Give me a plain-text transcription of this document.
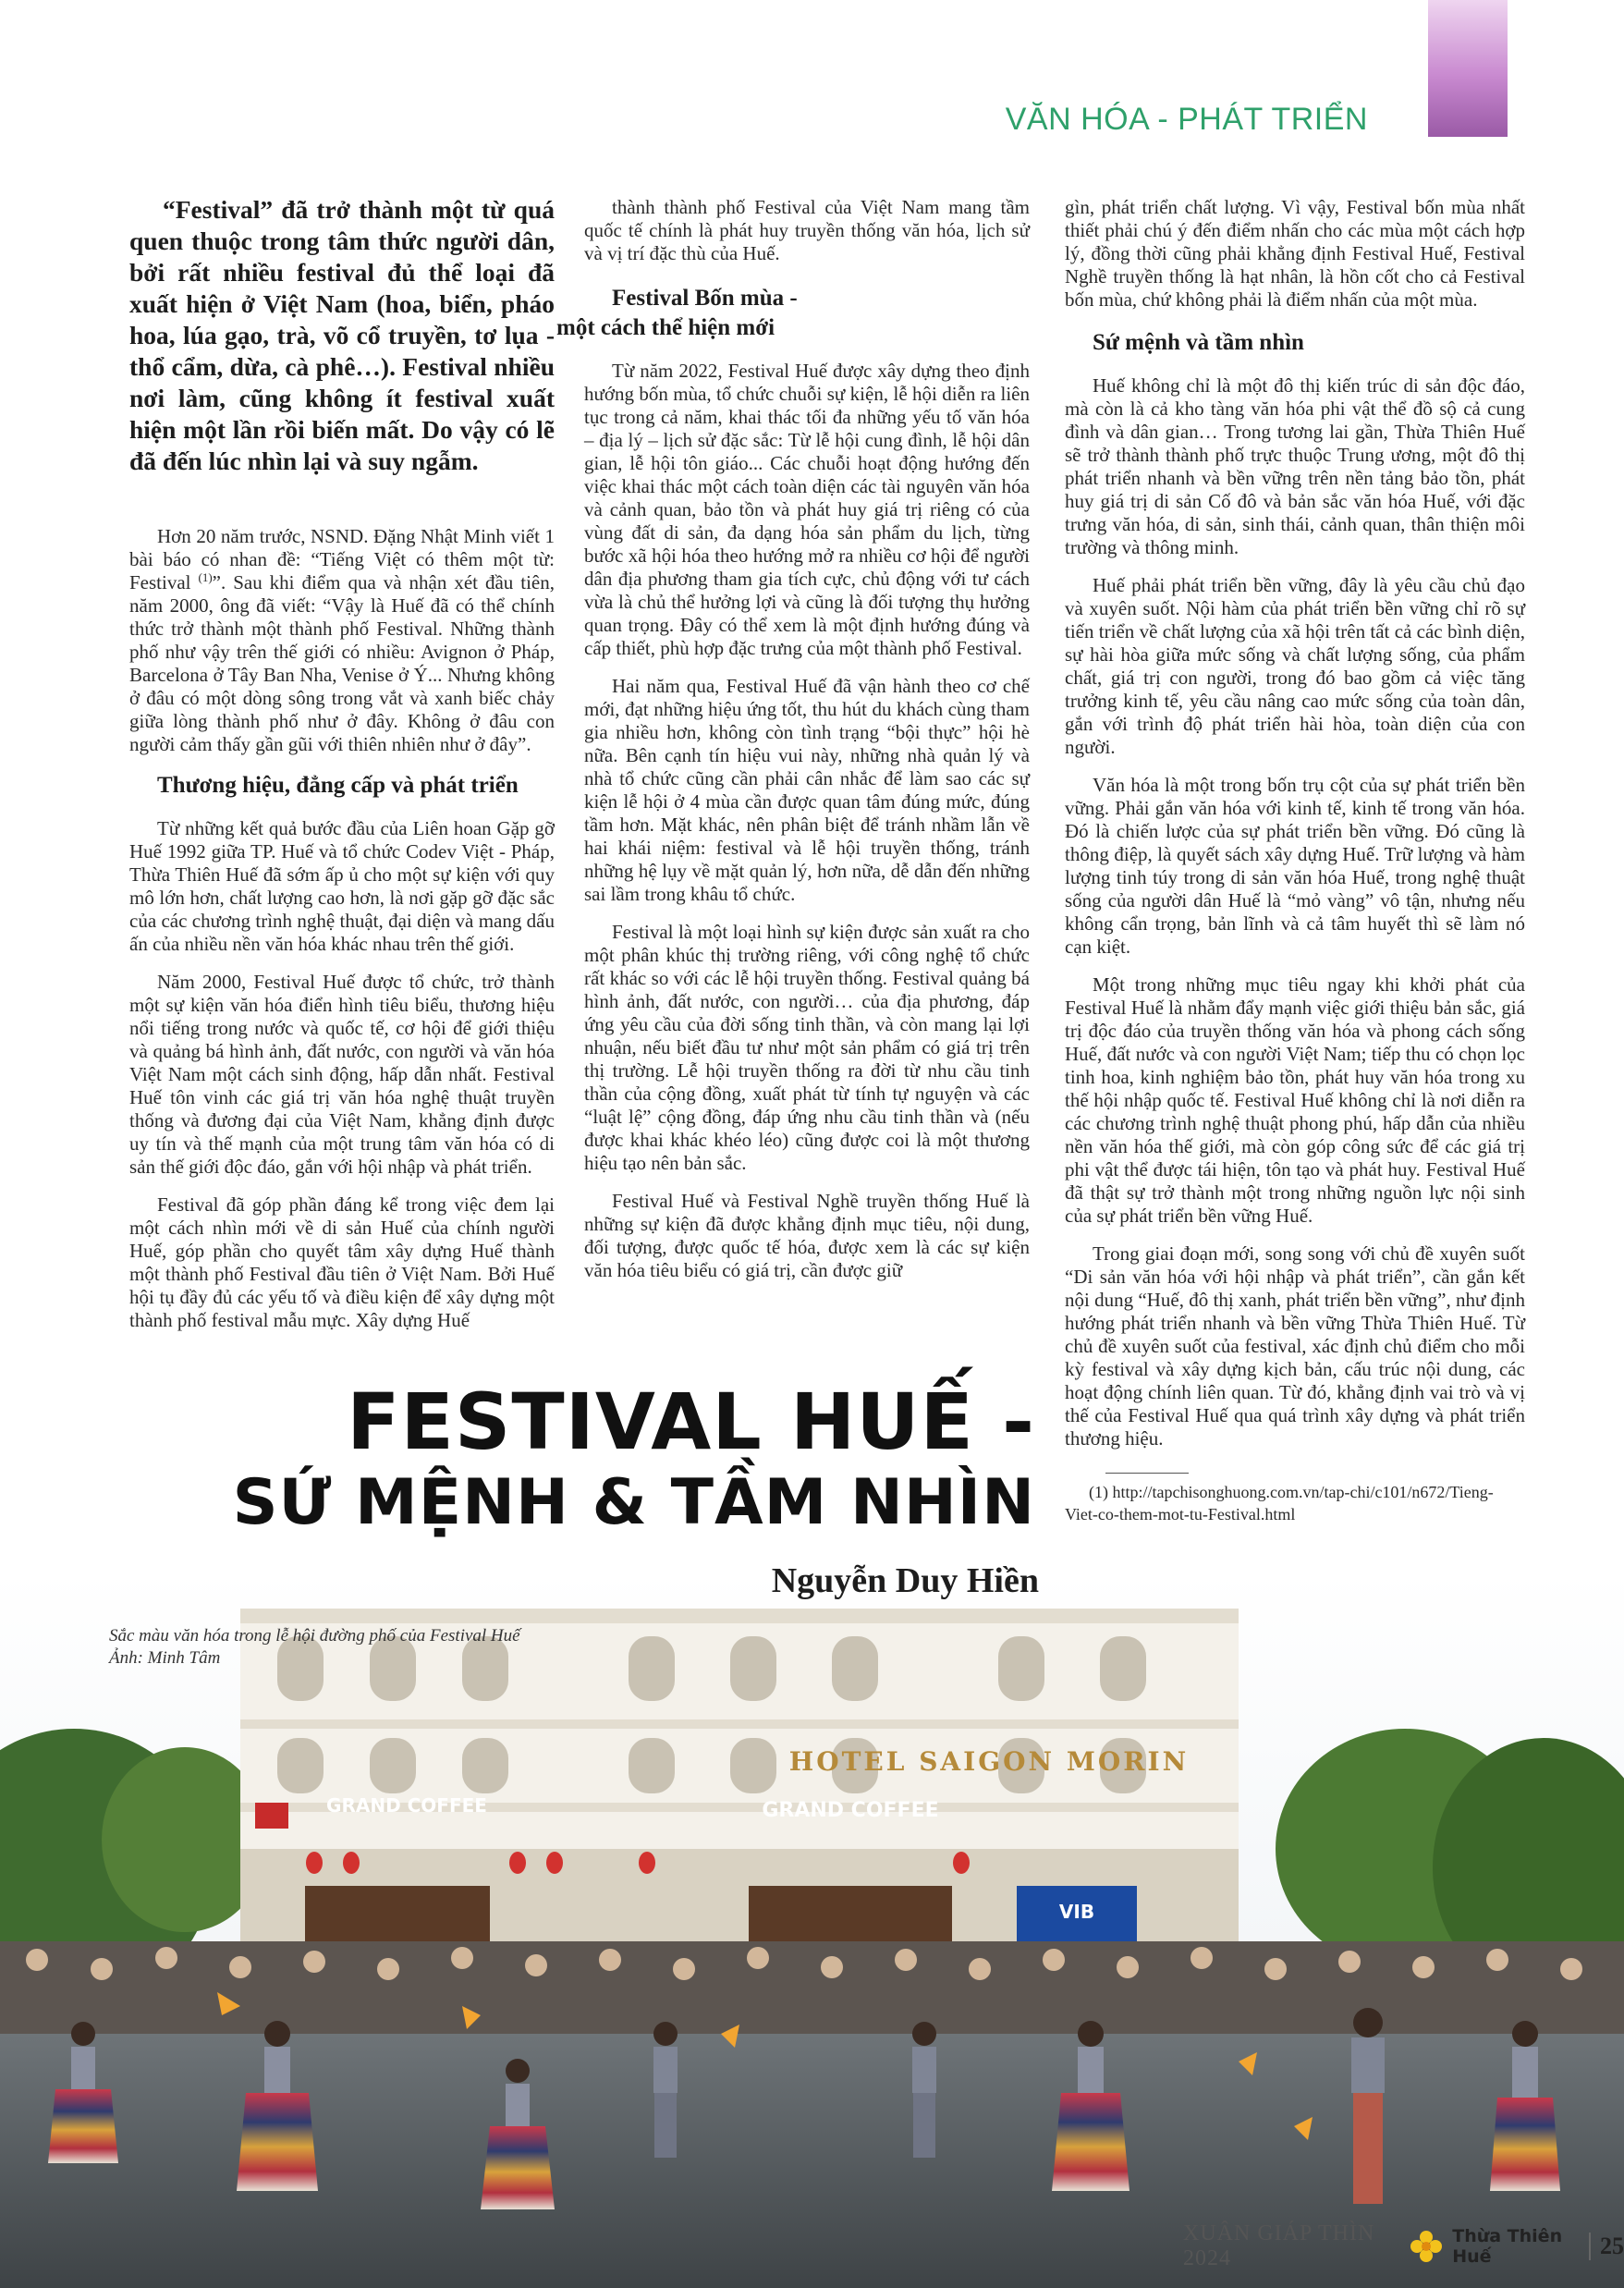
VĂN HÓA - PHÁT TRIỂN

“Festival” đã trở thành một từ quá quen thuộc trong tâm thức người dân, bởi rất nhiều festival đủ thể loại đã xuất hiện ở Việt Nam (hoa, biển, pháo hoa, lúa gạo, trà, võ cổ truyền, tơ lụa - thổ cẩm, dừa, cà phê…). Festival nhiều nơi làm, cũng không ít festival xuất hiện một lần rồi biến mất. Do vậy có lẽ đã đến lúc nhìn lại và suy ngẫm.

Hơn 20 năm trước, NSND. Đặng Nhật Minh viết 1 bài báo có nhan đề: “Tiếng Việt có thêm một từ: Festival $^{(1)}$”. Sau khi điểm qua và nhận xét đầu tiên, năm 2000, ông đã viết: “Vậy là Huế đã có thể chính thức trở thành một thành phố Festival. Những thành phố như vậy trên thế giới có nhiều: Avignon ở Pháp, Barcelona ở Tây Ban Nha, Venise ở Ý... Nhưng không ở đâu có một dòng sông trong vắt và xanh biếc chảy giữa lòng thành phố như ở đây. Không ở đâu con người cảm thấy gần gũi với thiên nhiên như ở đây”.

Thương hiệu, đẳng cấp và phát triển

Từ những kết quả bước đầu của Liên hoan Gặp gỡ Huế 1992 giữa TP. Huế và tổ chức Codev Việt - Pháp, Thừa Thiên Huế đã sớm ấp ủ cho một sự kiện với quy mô lớn hơn, chất lượng cao hơn, là nơi gặp gỡ đặc sắc của các chương trình nghệ thuật, đại diện và mang dấu ấn của nhiều nền văn hóa khác nhau trên thế giới.

Năm 2000, Festival Huế được tổ chức, trở thành một sự kiện văn hóa điển hình tiêu biểu, thương hiệu nổi tiếng trong nước và quốc tế, cơ hội để giới thiệu và quảng bá hình ảnh, đất nước, con người và văn hóa Việt Nam một cách sinh động, hấp dẫn nhất. Festival Huế tôn vinh các giá trị văn hóa nghệ thuật truyền thống và đương đại của Việt Nam, khẳng định được uy tín và thế mạnh của một trung tâm văn hóa có di sản thế giới độc đáo, gắn với hội nhập và phát triển.

Festival đã góp phần đáng kể trong việc đem lại một cách nhìn mới về di sản Huế của chính người Huế, góp phần cho quyết tâm xây dựng Huế thành một thành phố Festival đầu tiên ở Việt Nam. Bởi Huế hội tụ đầy đủ các yếu tố và điều kiện để xây dựng một thành phố festival mẫu mực. Xây dựng Huế

thành thành phố Festival của Việt Nam mang tầm quốc tế chính là phát huy truyền thống văn hóa, lịch sử và vị trí đặc thù của Huế.

Festival Bốn mùa -
một cách thể hiện mới

Từ năm 2022, Festival Huế được xây dựng theo định hướng bốn mùa, tổ chức chuỗi sự kiện, lễ hội diễn ra liên tục trong cả năm, khai thác tối đa những yếu tố văn hóa – địa lý – lịch sử đặc sắc: Từ lễ hội cung đình, lễ hội dân gian, lễ hội tôn giáo... Các chuỗi hoạt động hướng đến việc khai thác một cách toàn diện các tài nguyên văn hóa và cảnh quan, bảo tồn và phát huy giá trị riêng có của vùng đất di sản, đa dạng hóa sản phẩm du lịch, từng bước xã hội hóa theo hướng mở ra nhiều cơ hội để người dân địa phương tham gia tích cực, chủ động với tư cách vừa là chủ thể hưởng lợi và cũng là đối tượng thụ hưởng quan trọng. Đây có thể xem là một định hướng đúng và cấp thiết, phù hợp đặc trưng của một thành phố Festival.

Hai năm qua, Festival Huế đã vận hành theo cơ chế mới, đạt những hiệu ứng tốt, thu hút du khách cùng tham gia nhiều hơn, không còn tình trạng “bội thực” hội hè nữa. Bên cạnh tín hiệu vui này, những nhà quản lý và nhà tổ chức cũng cần phải cân nhắc để làm sao các sự kiện lễ hội ở 4 mùa cần được quan tâm đúng mức, đúng tầm hơn. Mặt khác, nên phân biệt để tránh nhầm lẫn về hai khái niệm: festival và lễ hội truyền thống, tránh những hệ lụy về mặt quản lý, hơn nữa, dễ dẫn đến những sai lầm trong khâu tổ chức.

Festival là một loại hình sự kiện được sản xuất ra cho một phân khúc thị trường riêng, với công nghệ tổ chức rất khác so với các lễ hội truyền thống. Festival quảng bá hình ảnh, đất nước, con người… của địa phương, đáp ứng yêu cầu của đời sống tinh thần, và còn mang lại lợi nhuận, nếu biết đầu tư như một sản phẩm có giá trị trên thị trường. Lễ hội truyền thống ra đời từ nhu cầu tinh thần của cộng đồng, xuất phát từ tính tự nguyện và các “luật lệ” cộng đồng, đáp ứng nhu cầu tinh thần và (nếu được khai khác khéo léo) cũng được coi là một thương hiệu tạo nên bản sắc.

Festival Huế và Festival Nghề truyền thống Huế là những sự kiện đã được khẳng định mục tiêu, nội dung, đối tượng, được quốc tế hóa, được xem là các sự kiện văn hóa tiêu biểu có giá trị, cần được giữ

gìn, phát triển chất lượng. Vì vậy, Festival bốn mùa nhất thiết phải chú ý đến điểm nhấn cho các mùa một cách hợp lý, đồng thời cũng phải khẳng định Festival Huế, Festival Nghề truyền thống là hạt nhân, là hồn cốt cho cả Festival bốn mùa, chứ không phải là điểm nhấn của một mùa.

Sứ mệnh và tầm nhìn

Huế không chỉ là một đô thị kiến trúc di sản độc đáo, mà còn là cả kho tàng văn hóa phi vật thể đồ sộ cả cung đình và dân gian… Trong tương lai gần, Thừa Thiên Huế sẽ trở thành thành phố trực thuộc Trung ương, một đô thị phát triển nhanh và bền vững trên nền tảng bảo tồn, phát huy giá trị di sản Cố đô và bản sắc văn hóa Huế, với đặc trưng văn hóa, di sản, sinh thái, cảnh quan, thân thiện môi trường và thông minh.

Huế phải phát triển bền vững, đây là yêu cầu chủ đạo và xuyên suốt. Nội hàm của phát triển bền vững chỉ rõ sự tiến triển về chất lượng của xã hội trên tất cả các bình diện, sự hài hòa giữa mức sống và chất lượng sống, của phẩm chất, giá trị con người, trong đó bao gồm cả việc tăng trưởng kinh tế, yêu cầu nâng cao mức sống của toàn dân, gắn với trình độ phát triển hài hòa, toàn diện của con người.

Văn hóa là một trong bốn trụ cột của sự phát triển bền vững. Phải gắn văn hóa với kinh tế, kinh tế trong văn hóa. Đó là chiến lược của sự phát triển bền vững. Đó cũng là thông điệp, là quyết sách xây dựng Huế. Trữ lượng và hàm lượng tinh túy trong di sản văn hóa Huế, trong nghệ thuật sống của người dân Huế là “mỏ vàng” vô tận, nhưng nếu không cẩn trọng, bản lĩnh và cả tâm huyết thì sẽ làm nó cạn kiệt.

Một trong những mục tiêu ngay khi khởi phát của Festival Huế là nhằm đẩy mạnh việc giới thiệu bản sắc, giá trị độc đáo của truyền thống văn hóa và phong cách sống Huế, đất nước và con người Việt Nam; tiếp thu có chọn lọc tinh hoa, kinh nghiệm bảo tồn, phát huy văn hóa trong xu thế hội nhập quốc tế. Festival Huế không chỉ là nơi diễn ra các chương trình nghệ thuật phong phú, hấp dẫn của nhiều nền văn hóa thế giới, mà còn góp công sức để các giá trị phi vật thể được tái hiện, tôn tạo và phát huy. Festival Huế đã thật sự trở thành một trong những nguồn lực nội sinh của sự phát triển bền vững Huế.

Trong giai đoạn mới, song song với chủ đề xuyên suốt “Di sản văn hóa với hội nhập và phát triển”, cần gắn kết nội dung “Huế, đô thị xanh, phát triển bền vững”, như định hướng phát triển nhanh và bền vững Thừa Thiên Huế. Từ chủ đề xuyên suốt của festival, xác định chủ điểm cho mỗi kỳ festival và xây dựng kịch bản, cấu trúc nội dung, các hoạt động chính liên quan. Từ đó, khẳng định vai trò và vị thế của Festival Huế qua quá trình xây dựng và phát triển thương hiệu.

(1) http://tapchisonghuong.com.vn/tap-chi/c101/n672/Tieng-Viet-co-them-mot-tu-Festival.html

HOTEL SAIGON MORIN
GRAND COFFEE	GRAND COFFEE
VIB
FESTIVAL HUẾ -
SỨ MỆNH & TẦM NHÌN
Nguyễn Duy Hiền
Sắc màu văn hóa trong lễ hội đường phố của Festival Huế
Ảnh: Minh Tâm
XUÂN GIÁP THÌN 2024
Thừa Thiên Huế	25
